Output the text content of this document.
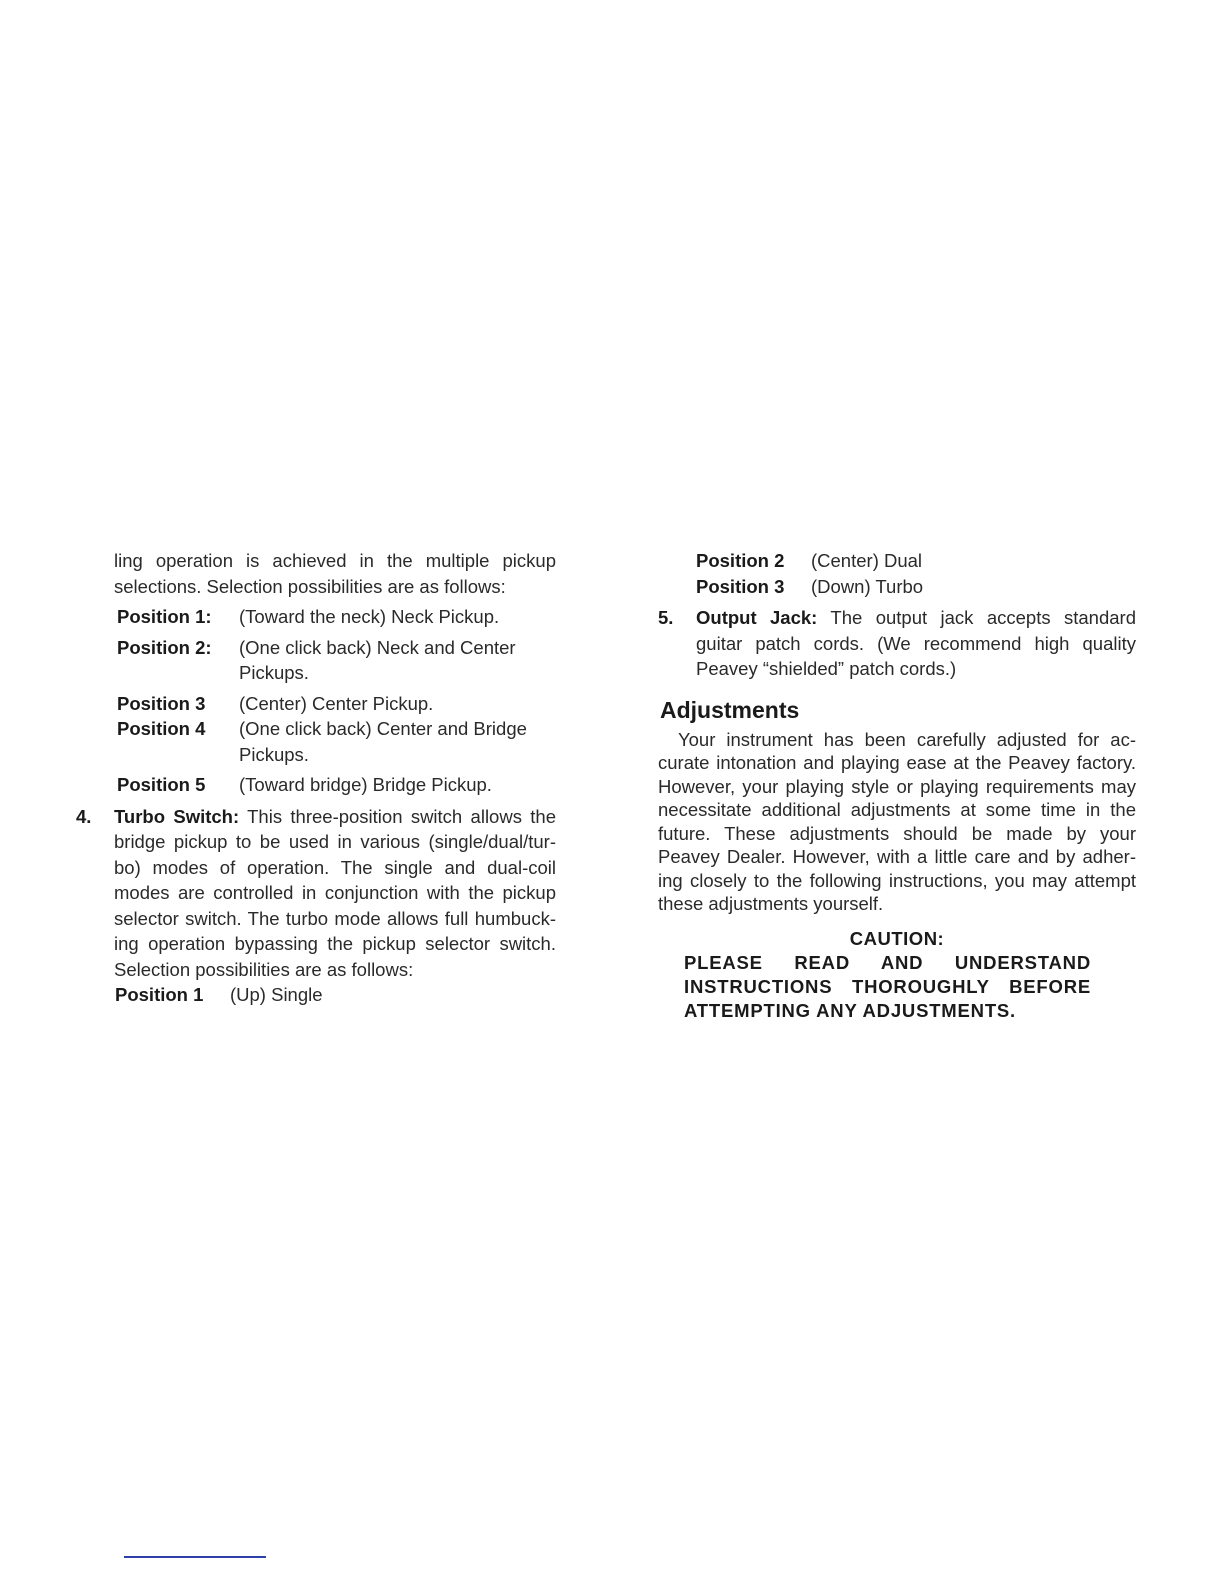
ling operation is achieved in the multiple pickup selections. Selection possibilities are as follows:

Position 1:	(Toward the neck) Neck Pickup.
Position 2:	(One click back) Neck and Center Pickups.
Position 3	(Center) Center Pickup.
Position 4	(One click back) Center and Bridge Pickups.
Position 5	(Toward bridge) Bridge Pickup.
4.	Turbo Switch: This three-position switch allows the bridge pickup to be used in various (single/dual/tur-bo) modes of operation. The single and dual-coil modes are controlled in conjunction with the pickup selector switch. The turbo mode allows full humbuck-ing operation bypassing the pickup selector switch. Selection possibilities are as follows:
Position 1	(Up) Single
Position 2	(Center) Dual
Position 3	(Down) Turbo
5.	Output Jack: The output jack accepts standard guitar patch cords. (We recommend high quality Peavey “shielded” patch cords.)
Adjustments

Your instrument has been carefully adjusted for ac-curate intonation and playing ease at the Peavey factory. However, your playing style or playing requirements may necessitate additional adjustments at some time in the future. These adjustments should be made by your Peavey Dealer. However, with a little care and by adher-ing closely to the following instructions, you may attempt these adjustments yourself.

CAUTION:
PLEASE READ AND UNDERSTAND INSTRUCTIONS THOROUGHLY BEFORE ATTEMPTING ANY ADJUSTMENTS.
